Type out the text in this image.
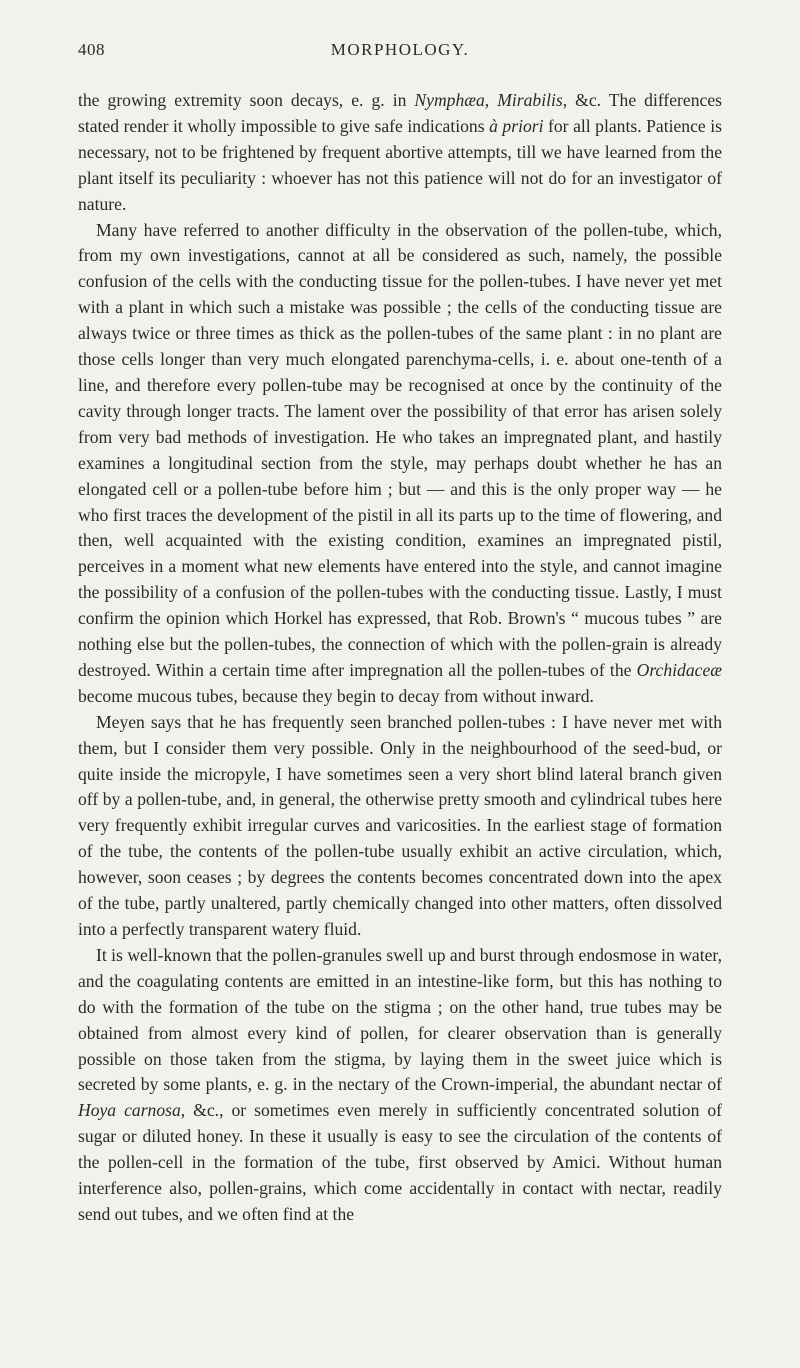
408	MORPHOLOGY.

the growing extremity soon decays, e. g. in Nymphæa, Mirabilis, &c. The differences stated render it wholly impossible to give safe indications à priori for all plants. Patience is necessary, not to be frightened by frequent abortive attempts, till we have learned from the plant itself its peculiarity : whoever has not this patience will not do for an investigator of nature.

Many have referred to another difficulty in the observation of the pollen-tube, which, from my own investigations, cannot at all be considered as such, namely, the possible confusion of the cells with the conducting tissue for the pollen-tubes. I have never yet met with a plant in which such a mistake was possible ; the cells of the conducting tissue are always twice or three times as thick as the pollen-tubes of the same plant : in no plant are those cells longer than very much elongated parenchyma-cells, i. e. about one-tenth of a line, and therefore every pollen-tube may be recognised at once by the continuity of the cavity through longer tracts. The lament over the possibility of that error has arisen solely from very bad methods of investigation. He who takes an impregnated plant, and hastily examines a longitudinal section from the style, may perhaps doubt whether he has an elongated cell or a pollen-tube before him ; but — and this is the only proper way — he who first traces the development of the pistil in all its parts up to the time of flowering, and then, well acquainted with the existing condition, examines an impregnated pistil, perceives in a moment what new elements have entered into the style, and cannot imagine the possibility of a confusion of the pollen-tubes with the conducting tissue. Lastly, I must confirm the opinion which Horkel has expressed, that Rob. Brown's “ mucous tubes ” are nothing else but the pollen-tubes, the connection of which with the pollen-grain is already destroyed. Within a certain time after impregnation all the pollen-tubes of the Orchidaceæ become mucous tubes, because they begin to decay from without inward.

Meyen says that he has frequently seen branched pollen-tubes : I have never met with them, but I consider them very possible. Only in the neighbourhood of the seed-bud, or quite inside the micropyle, I have sometimes seen a very short blind lateral branch given off by a pollen-tube, and, in general, the otherwise pretty smooth and cylindrical tubes here very frequently exhibit irregular curves and varicosities. In the earliest stage of formation of the tube, the contents of the pollen-tube usually exhibit an active circulation, which, however, soon ceases ; by degrees the contents becomes concentrated down into the apex of the tube, partly unaltered, partly chemically changed into other matters, often dissolved into a perfectly transparent watery fluid.

It is well-known that the pollen-granules swell up and burst through endosmose in water, and the coagulating contents are emitted in an intestine-like form, but this has nothing to do with the formation of the tube on the stigma ; on the other hand, true tubes may be obtained from almost every kind of pollen, for clearer observation than is generally possible on those taken from the stigma, by laying them in the sweet juice which is secreted by some plants, e. g. in the nectary of the Crown-imperial, the abundant nectar of Hoya carnosa, &c., or sometimes even merely in sufficiently concentrated solution of sugar or diluted honey. In these it usually is easy to see the circulation of the contents of the pollen-cell in the formation of the tube, first observed by Amici. Without human interference also, pollen-grains, which come accidentally in contact with nectar, readily send out tubes, and we often find at the
